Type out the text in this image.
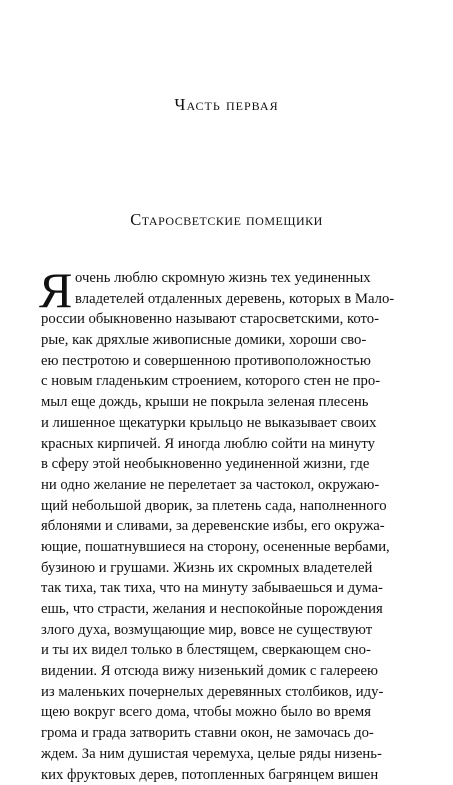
Часть первая
Старосветские помещики
Я очень люблю скромную жизнь тех уединенных
владетелей отдаленных деревень, которых в Мало-
россии обыкновенно называют старосветскими, кото-
рые, как дряхлые живописные домики, хороши сво-
ею пестротою и совершенною противоположностью
с новым гладеньким строением, которого стен не про-
мыл еще дождь, крыши не покрыла зеленая плесень
и лишенное щекатурки крыльцо не выказывает своих
красных кирпичей. Я иногда люблю сойти на минуту
в сферу этой необыкновенно уединенной жизни, где
ни одно желание не перелетает за частокол, окружаю-
щий небольшой дворик, за плетень сада, наполненного
яблонями и сливами, за деревенские избы, его окружа-
ющие, пошатнувшиеся на сторону, осененные вербами,
бузиною и грушами. Жизнь их скромных владетелей
так тиха, так тиха, что на минуту забываешься и дума-
ешь, что страсти, желания и неспокойные порождения
злого духа, возмущающие мир, вовсе не существуют
и ты их видел только в блестящем, сверкающем сно-
видении. Я отсюда вижу низенький домик с галереею
из маленьких почернелых деревянных столбиков, иду-
щею вокруг всего дома, чтобы можно было во время
грома и града затворить ставни окон, не замочась до-
ждем. За ним душистая черемуха, целые ряды низень-
ких фруктовых дерев, потопленных багрянцем вишен
